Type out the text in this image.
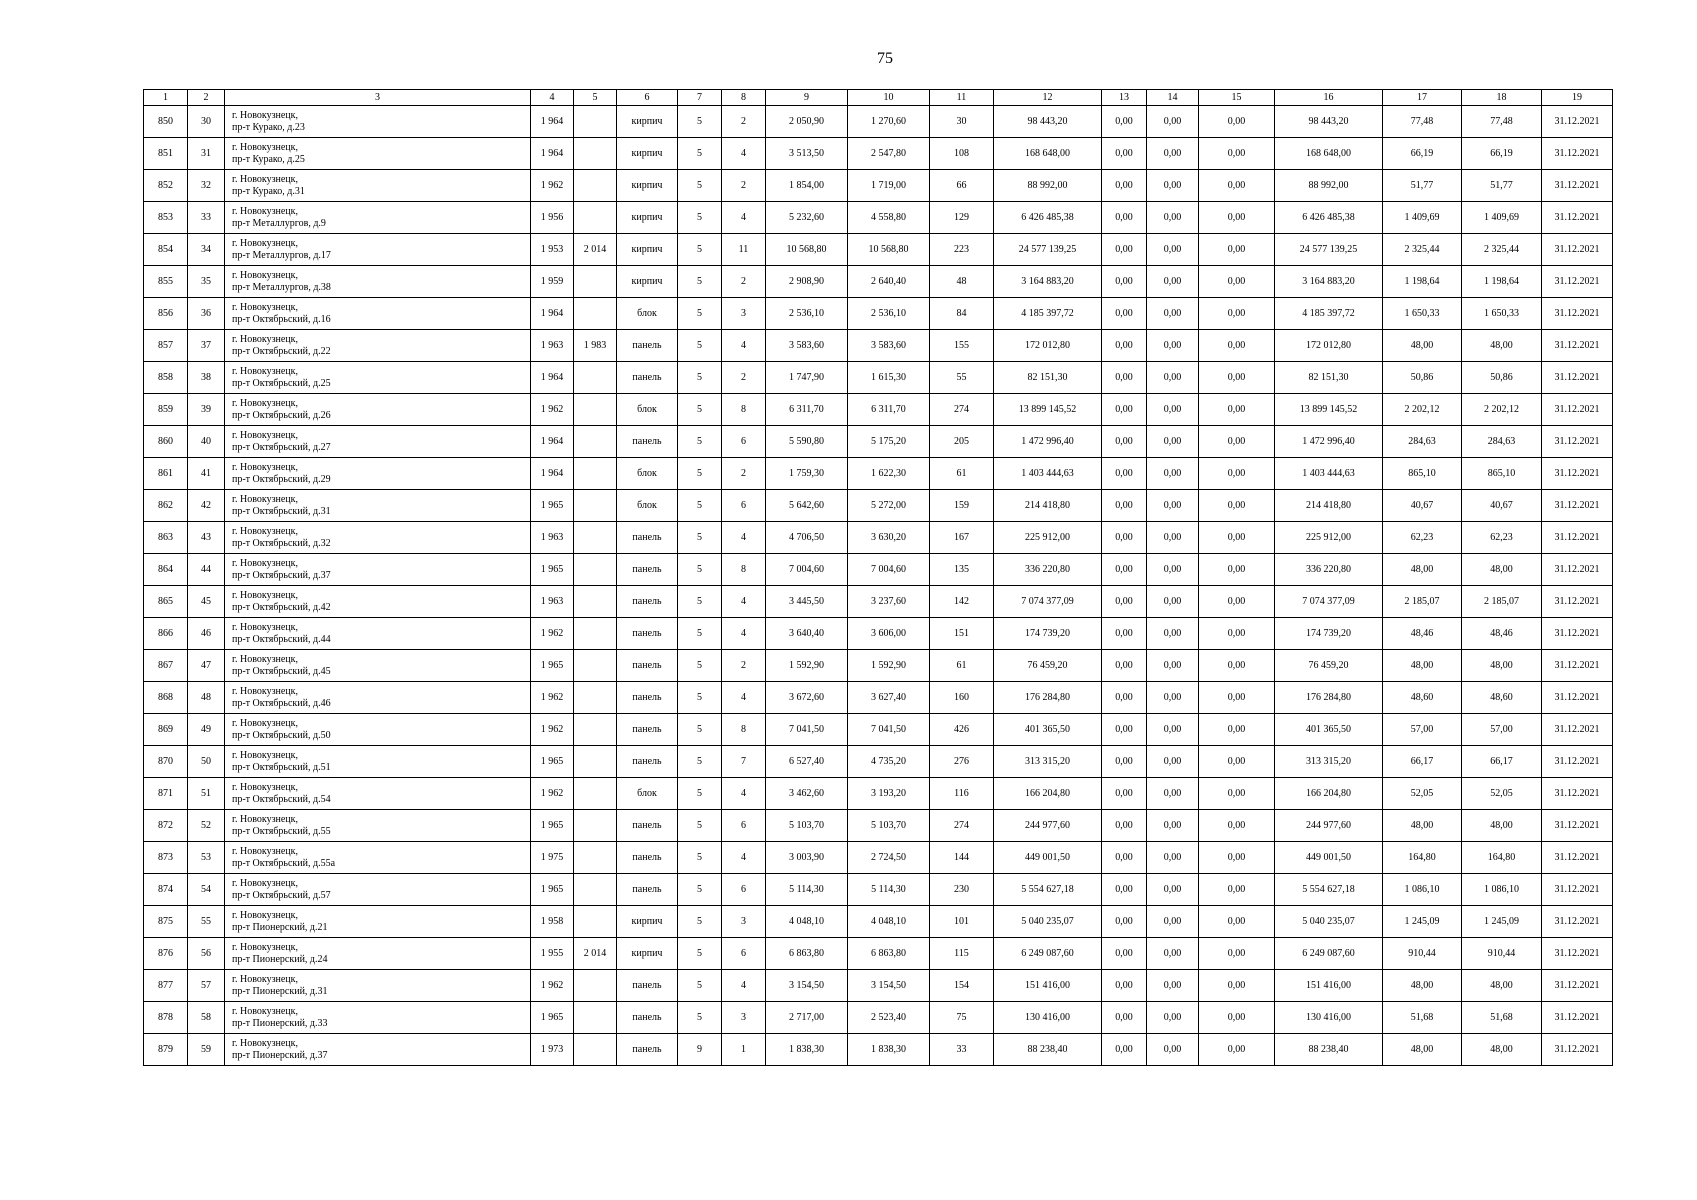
75
1	2	3	4	5	6	7	8	9	10	11	12	13	14	15	16	17	18	19
850	30	г. Новокузнецк,
пр-т Курако, д.23	1 964		кирпич	5	2	2 050,90	1 270,60	30	98 443,20	0,00	0,00	0,00	98 443,20	77,48	77,48	31.12.2021
851	31	г. Новокузнецк,
пр-т Курако, д.25	1 964		кирпич	5	4	3 513,50	2 547,80	108	168 648,00	0,00	0,00	0,00	168 648,00	66,19	66,19	31.12.2021
852	32	г. Новокузнецк,
пр-т Курако, д.31	1 962		кирпич	5	2	1 854,00	1 719,00	66	88 992,00	0,00	0,00	0,00	88 992,00	51,77	51,77	31.12.2021
853	33	г. Новокузнецк,
пр-т Металлургов, д.9	1 956		кирпич	5	4	5 232,60	4 558,80	129	6 426 485,38	0,00	0,00	0,00	6 426 485,38	1 409,69	1 409,69	31.12.2021
854	34	г. Новокузнецк,
пр-т Металлургов, д.17	1 953	2 014	кирпич	5	11	10 568,80	10 568,80	223	24 577 139,25	0,00	0,00	0,00	24 577 139,25	2 325,44	2 325,44	31.12.2021
855	35	г. Новокузнецк,
пр-т Металлургов, д.38	1 959		кирпич	5	2	2 908,90	2 640,40	48	3 164 883,20	0,00	0,00	0,00	3 164 883,20	1 198,64	1 198,64	31.12.2021
856	36	г. Новокузнецк,
пр-т Октябрьский, д.16	1 964		блок	5	3	2 536,10	2 536,10	84	4 185 397,72	0,00	0,00	0,00	4 185 397,72	1 650,33	1 650,33	31.12.2021
857	37	г. Новокузнецк,
пр-т Октябрьский, д.22	1 963	1 983	панель	5	4	3 583,60	3 583,60	155	172 012,80	0,00	0,00	0,00	172 012,80	48,00	48,00	31.12.2021
858	38	г. Новокузнецк,
пр-т Октябрьский, д.25	1 964		панель	5	2	1 747,90	1 615,30	55	82 151,30	0,00	0,00	0,00	82 151,30	50,86	50,86	31.12.2021
859	39	г. Новокузнецк,
пр-т Октябрьский, д.26	1 962		блок	5	8	6 311,70	6 311,70	274	13 899 145,52	0,00	0,00	0,00	13 899 145,52	2 202,12	2 202,12	31.12.2021
860	40	г. Новокузнецк,
пр-т Октябрьский, д.27	1 964		панель	5	6	5 590,80	5 175,20	205	1 472 996,40	0,00	0,00	0,00	1 472 996,40	284,63	284,63	31.12.2021
861	41	г. Новокузнецк,
пр-т Октябрьский, д.29	1 964		блок	5	2	1 759,30	1 622,30	61	1 403 444,63	0,00	0,00	0,00	1 403 444,63	865,10	865,10	31.12.2021
862	42	г. Новокузнецк,
пр-т Октябрьский, д.31	1 965		блок	5	6	5 642,60	5 272,00	159	214 418,80	0,00	0,00	0,00	214 418,80	40,67	40,67	31.12.2021
863	43	г. Новокузнецк,
пр-т Октябрьский, д.32	1 963		панель	5	4	4 706,50	3 630,20	167	225 912,00	0,00	0,00	0,00	225 912,00	62,23	62,23	31.12.2021
864	44	г. Новокузнецк,
пр-т Октябрьский, д.37	1 965		панель	5	8	7 004,60	7 004,60	135	336 220,80	0,00	0,00	0,00	336 220,80	48,00	48,00	31.12.2021
865	45	г. Новокузнецк,
пр-т Октябрьский, д.42	1 963		панель	5	4	3 445,50	3 237,60	142	7 074 377,09	0,00	0,00	0,00	7 074 377,09	2 185,07	2 185,07	31.12.2021
866	46	г. Новокузнецк,
пр-т Октябрьский, д.44	1 962		панель	5	4	3 640,40	3 606,00	151	174 739,20	0,00	0,00	0,00	174 739,20	48,46	48,46	31.12.2021
867	47	г. Новокузнецк,
пр-т Октябрьский, д.45	1 965		панель	5	2	1 592,90	1 592,90	61	76 459,20	0,00	0,00	0,00	76 459,20	48,00	48,00	31.12.2021
868	48	г. Новокузнецк,
пр-т Октябрьский, д.46	1 962		панель	5	4	3 672,60	3 627,40	160	176 284,80	0,00	0,00	0,00	176 284,80	48,60	48,60	31.12.2021
869	49	г. Новокузнецк,
пр-т Октябрьский, д.50	1 962		панель	5	8	7 041,50	7 041,50	426	401 365,50	0,00	0,00	0,00	401 365,50	57,00	57,00	31.12.2021
870	50	г. Новокузнецк,
пр-т Октябрьский, д.51	1 965		панель	5	7	6 527,40	4 735,20	276	313 315,20	0,00	0,00	0,00	313 315,20	66,17	66,17	31.12.2021
871	51	г. Новокузнецк,
пр-т Октябрьский, д.54	1 962		блок	5	4	3 462,60	3 193,20	116	166 204,80	0,00	0,00	0,00	166 204,80	52,05	52,05	31.12.2021
872	52	г. Новокузнецк,
пр-т Октябрьский, д.55	1 965		панель	5	6	5 103,70	5 103,70	274	244 977,60	0,00	0,00	0,00	244 977,60	48,00	48,00	31.12.2021
873	53	г. Новокузнецк,
пр-т Октябрьский, д.55а	1 975		панель	5	4	3 003,90	2 724,50	144	449 001,50	0,00	0,00	0,00	449 001,50	164,80	164,80	31.12.2021
874	54	г. Новокузнецк,
пр-т Октябрьский, д.57	1 965		панель	5	6	5 114,30	5 114,30	230	5 554 627,18	0,00	0,00	0,00	5 554 627,18	1 086,10	1 086,10	31.12.2021
875	55	г. Новокузнецк,
пр-т Пионерский, д.21	1 958		кирпич	5	3	4 048,10	4 048,10	101	5 040 235,07	0,00	0,00	0,00	5 040 235,07	1 245,09	1 245,09	31.12.2021
876	56	г. Новокузнецк,
пр-т Пионерский, д.24	1 955	2 014	кирпич	5	6	6 863,80	6 863,80	115	6 249 087,60	0,00	0,00	0,00	6 249 087,60	910,44	910,44	31.12.2021
877	57	г. Новокузнецк,
пр-т Пионерский, д.31	1 962		панель	5	4	3 154,50	3 154,50	154	151 416,00	0,00	0,00	0,00	151 416,00	48,00	48,00	31.12.2021
878	58	г. Новокузнецк,
пр-т Пионерский, д.33	1 965		панель	5	3	2 717,00	2 523,40	75	130 416,00	0,00	0,00	0,00	130 416,00	51,68	51,68	31.12.2021
879	59	г. Новокузнецк,
пр-т Пионерский, д.37	1 973		панель	9	1	1 838,30	1 838,30	33	88 238,40	0,00	0,00	0,00	88 238,40	48,00	48,00	31.12.2021
